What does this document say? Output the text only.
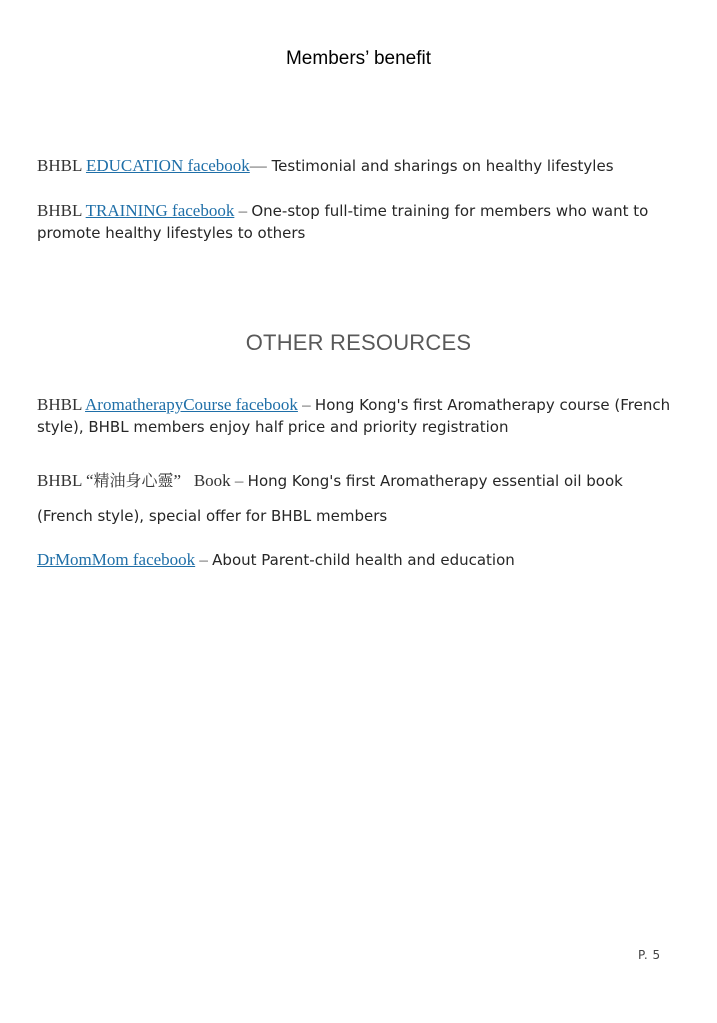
Members’ benefit
BHBL EDUCATION facebook— Testimonial and sharings on healthy lifestyles
BHBL TRAINING facebook – One-stop full-time training for members who want to promote healthy lifestyles to others
OTHER RESOURCES
BHBL AromatherapyCourse facebook – Hong Kong's first Aromatherapy course (French style), BHBL members enjoy half price and priority registration
BHBL “精油身心靈”   Book – Hong Kong's first Aromatherapy essential oil book
(French style), special offer for BHBL members
DrMomMom facebook – About Parent-child health and education
P. 5
